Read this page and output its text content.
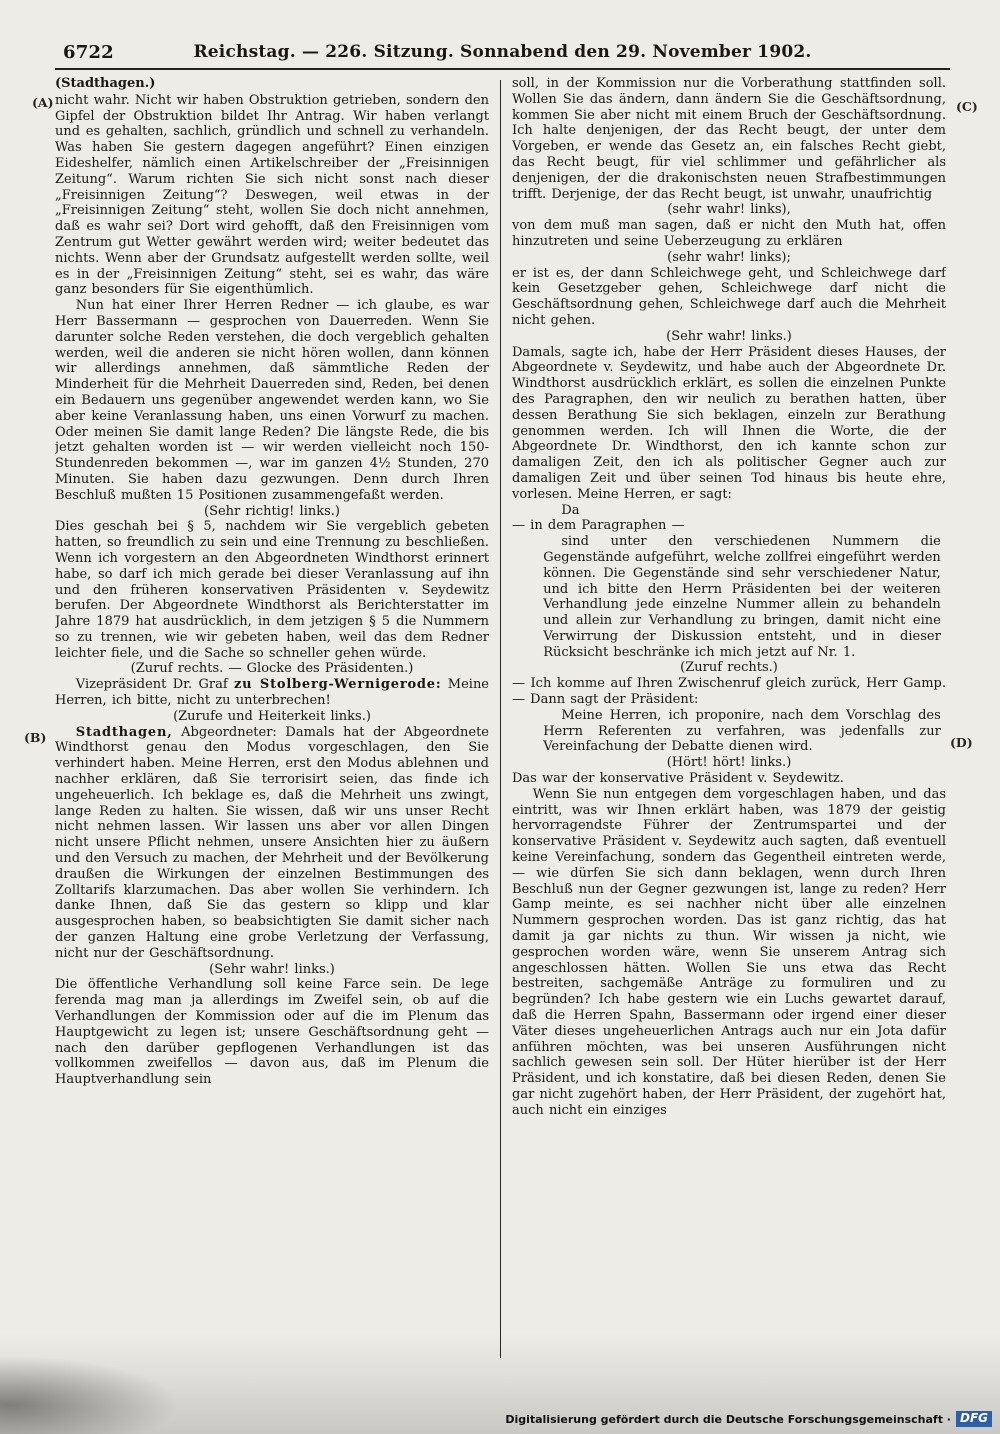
6722	Reichstag. — 226. Sitzung. Sonnabend den 29. November 1902.
(A)
(B)
(C)
(D)

(Stadthagen.)

nicht wahr. Nicht wir haben Obstruktion getrieben, sondern den Gipfel der Obstruktion bildet Ihr Antrag. Wir haben verlangt und es gehalten, sachlich, gründlich und schnell zu verhandeln. Was haben Sie gestern dagegen angeführt? Einen einzigen Eideshelfer, nämlich einen Artikelschreiber der „Freisinnigen Zeitung“. Warum richten Sie sich nicht sonst nach dieser „Freisinnigen Zeitung“? Deswegen, weil etwas in der „Freisinnigen Zeitung“ steht, wollen Sie doch nicht annehmen, daß es wahr sei? Dort wird gehofft, daß den Freisinnigen vom Zentrum gut Wetter gewährt werden wird; weiter bedeutet das nichts. Wenn aber der Grundsatz aufgestellt werden sollte, weil es in der „Freisinnigen Zeitung“ steht, sei es wahr, das wäre ganz besonders für Sie eigenthümlich.

Nun hat einer Ihrer Herren Redner — ich glaube, es war Herr Bassermann — gesprochen von Dauerreden. Wenn Sie darunter solche Reden verstehen, die doch vergeblich gehalten werden, weil die anderen sie nicht hören wollen, dann können wir allerdings annehmen, daß sämmtliche Reden der Minderheit für die Mehrheit Dauerreden sind, Reden, bei denen ein Bedauern uns gegenüber angewendet werden kann, wo Sie aber keine Veranlassung haben, uns einen Vorwurf zu machen. Oder meinen Sie damit lange Reden? Die längste Rede, die bis jetzt gehalten worden ist — wir werden vielleicht noch 150-Stundenreden bekommen —, war im ganzen 4½ Stunden, 270 Minuten. Sie haben dazu gezwungen. Denn durch Ihren Beschluß mußten 15 Positionen zusammengefaßt werden.

(Sehr richtig! links.)

Dies geschah bei § 5, nachdem wir Sie vergeblich gebeten hatten, so freundlich zu sein und eine Trennung zu beschließen. Wenn ich vorgestern an den Abgeordneten Windthorst erinnert habe, so darf ich mich gerade bei dieser Veranlassung auf ihn und den früheren konservativen Präsidenten v. Seydewitz berufen. Der Abgeordnete Windthorst als Berichterstatter im Jahre 1879 hat ausdrücklich, in dem jetzigen § 5 die Nummern so zu trennen, wie wir gebeten haben, weil das dem Redner leichter fiele, und die Sache so schneller gehen würde.

(Zuruf rechts. — Glocke des Präsidenten.)

Vizepräsident Dr. Graf zu Stolberg-Wernigerode: Meine Herren, ich bitte, nicht zu unterbrechen!

(Zurufe und Heiterkeit links.)

Stadthagen, Abgeordneter: Damals hat der Abgeordnete Windthorst genau den Modus vorgeschlagen, den Sie verhindert haben. Meine Herren, erst den Modus ablehnen und nachher erklären, daß Sie terrorisirt seien, das finde ich ungeheuerlich. Ich beklage es, daß die Mehrheit uns zwingt, lange Reden zu halten. Sie wissen, daß wir uns unser Recht nicht nehmen lassen. Wir lassen uns aber vor allen Dingen nicht unsere Pflicht nehmen, unsere Ansichten hier zu äußern und den Versuch zu machen, der Mehrheit und der Bevölkerung draußen die Wirkungen der einzelnen Bestimmungen des Zolltarifs klarzumachen. Das aber wollen Sie verhindern. Ich danke Ihnen, daß Sie das gestern so klipp und klar ausgesprochen haben, so beabsichtigten Sie damit sicher nach der ganzen Haltung eine grobe Verletzung der Verfassung, nicht nur der Geschäftsordnung.

(Sehr wahr! links.)

Die öffentliche Verhandlung soll keine Farce sein. De lege ferenda mag man ja allerdings im Zweifel sein, ob auf die Verhandlungen der Kommission oder auf die im Plenum das Hauptgewicht zu legen ist; unsere Geschäftsordnung geht — nach den darüber gepflogenen Verhandlungen ist das vollkommen zweifellos — davon aus, daß im Plenum die Hauptverhandlung sein

soll, in der Kommission nur die Vorberathung stattfinden soll. Wollen Sie das ändern, dann ändern Sie die Geschäftsordnung, kommen Sie aber nicht mit einem Bruch der Geschäftsordnung. Ich halte denjenigen, der das Recht beugt, der unter dem Vorgeben, er wende das Gesetz an, ein falsches Recht giebt, das Recht beugt, für viel schlimmer und gefährlicher als denjenigen, der die drakonischsten neuen Strafbestimmungen trifft. Derjenige, der das Recht beugt, ist unwahr, unaufrichtig

(sehr wahr! links),

von dem muß man sagen, daß er nicht den Muth hat, offen hinzutreten und seine Ueberzeugung zu erklären

(sehr wahr! links);

er ist es, der dann Schleichwege geht, und Schleichwege darf kein Gesetzgeber gehen, Schleichwege darf nicht die Geschäftsordnung gehen, Schleichwege darf auch die Mehrheit nicht gehen.

(Sehr wahr! links.)

Damals, sagte ich, habe der Herr Präsident dieses Hauses, der Abgeordnete v. Seydewitz, und habe auch der Abgeordnete Dr. Windthorst ausdrücklich erklärt, es sollen die einzelnen Punkte des Paragraphen, den wir neulich zu berathen hatten, über dessen Berathung Sie sich beklagen, einzeln zur Berathung genommen werden. Ich will Ihnen die Worte, die der Abgeordnete Dr. Windthorst, den ich kannte schon zur damaligen Zeit, den ich als politischer Gegner auch zur damaligen Zeit und über seinen Tod hinaus bis heute ehre, vorlesen. Meine Herren, er sagt:

Da

— in dem Paragraphen —

sind unter den verschiedenen Nummern die Gegenstände aufgeführt, welche zollfrei eingeführt werden können. Die Gegenstände sind sehr verschiedener Natur, und ich bitte den Herrn Präsidenten bei der weiteren Verhandlung jede einzelne Nummer allein zu behandeln und allein zur Verhandlung zu bringen, damit nicht eine Verwirrung der Diskussion entsteht, und in dieser Rücksicht beschränke ich mich jetzt auf Nr. 1.

(Zuruf rechts.)

— Ich komme auf Ihren Zwischenruf gleich zurück, Herr Gamp. — Dann sagt der Präsident:

Meine Herren, ich proponire, nach dem Vorschlag des Herrn Referenten zu verfahren, was jedenfalls zur Vereinfachung der Debatte dienen wird.

(Hört! hört! links.)

Das war der konservative Präsident v. Seydewitz.

Wenn Sie nun entgegen dem vorgeschlagen haben, und das eintritt, was wir Ihnen erklärt haben, was 1879 der geistig hervorragendste Führer der Zentrumspartei und der konservative Präsident v. Seydewitz auch sagten, daß eventuell keine Vereinfachung, sondern das Gegentheil eintreten werde, — wie dürfen Sie sich dann beklagen, wenn durch Ihren Beschluß nun der Gegner gezwungen ist, lange zu reden? Herr Gamp meinte, es sei nachher nicht über alle einzelnen Nummern gesprochen worden. Das ist ganz richtig, das hat damit ja gar nichts zu thun. Wir wissen ja nicht, wie gesprochen worden wäre, wenn Sie unserem Antrag sich angeschlossen hätten. Wollen Sie uns etwa das Recht bestreiten, sachgemäße Anträge zu formuliren und zu begründen? Ich habe gestern wie ein Luchs gewartet darauf, daß die Herren Spahn, Bassermann oder irgend einer dieser Väter dieses ungeheuerlichen Antrags auch nur ein Jota dafür anführen möchten, was bei unseren Ausführungen nicht sachlich gewesen sein soll. Der Hüter hierüber ist der Herr Präsident, und ich konstatire, daß bei diesen Reden, denen Sie gar nicht zugehört haben, der Herr Präsident, der zugehört hat, auch nicht ein einziges

Digitalisierung gefördert durch die Deutsche Forschungsgemeinschaft · DFG
